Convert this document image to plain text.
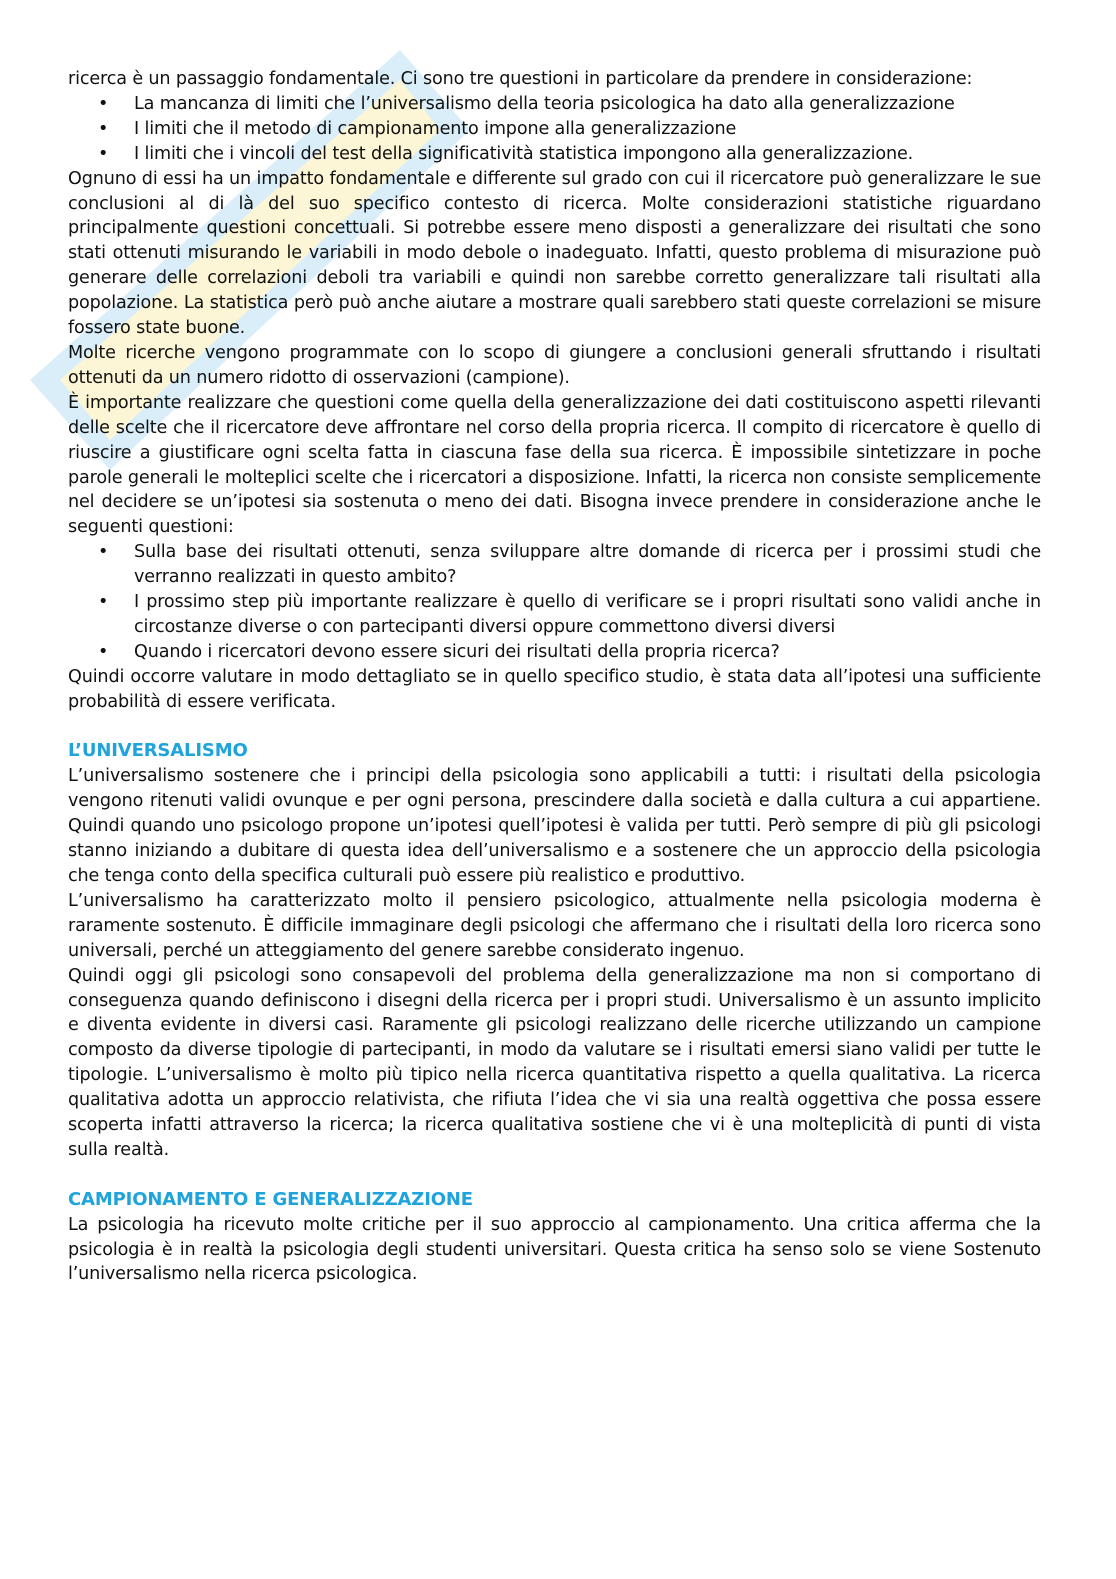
ricerca è un passaggio fondamentale. Ci sono tre questioni in particolare da prendere in considerazione:

• La mancanza di limiti che l’universalismo della teoria psicologica ha dato alla generalizzazione
• I limiti che il metodo di campionamento impone alla generalizzazione
• I limiti che i vincoli del test della significatività statistica impongono alla generalizzazione.

Ognuno di essi ha un impatto fondamentale e differente sul grado con cui il ricercatore può generalizzare le sue conclusioni al di là del suo specifico contesto di ricerca. Molte considerazioni statistiche riguardano principalmente questioni concettuali. Si potrebbe essere meno disposti a generalizzare dei risultati che sono stati ottenuti misurando le variabili in modo debole o inadeguato. Infatti, questo problema di misurazione può generare delle correlazioni deboli tra variabili e quindi non sarebbe corretto generalizzare tali risultati alla popolazione. La statistica però può anche aiutare a mostrare quali sarebbero stati queste correlazioni se misure fossero state buone.

Molte ricerche vengono programmate con lo scopo di giungere a conclusioni generali sfruttando i risultati ottenuti da un numero ridotto di osservazioni (campione).

È importante realizzare che questioni come quella della generalizzazione dei dati costituiscono aspetti rilevanti delle scelte che il ricercatore deve affrontare nel corso della propria ricerca. Il compito di ricercatore è quello di riuscire a giustificare ogni scelta fatta in ciascuna fase della sua ricerca. È impossibile sintetizzare in poche parole generali le molteplici scelte che i ricercatori a disposizione. Infatti, la ricerca non consiste semplicemente nel decidere se un’ipotesi sia sostenuta o meno dei dati. Bisogna invece prendere in considerazione anche le seguenti questioni:

• Sulla base dei risultati ottenuti, senza sviluppare altre domande di ricerca per i prossimi studi che verranno realizzati in questo ambito?
• I prossimo step più importante realizzare è quello di verificare se i propri risultati sono validi anche in circostanze diverse o con partecipanti diversi oppure commettono diversi diversi
• Quando i ricercatori devono essere sicuri dei risultati della propria ricerca?

Quindi occorre valutare in modo dettagliato se in quello specifico studio, è stata data all’ipotesi una sufficiente probabilità di essere verificata.

L’UNIVERSALISMO

L’universalismo sostenere che i principi della psicologia sono applicabili a tutti: i risultati della psicologia vengono ritenuti validi ovunque e per ogni persona, prescindere dalla società e dalla cultura a cui appartiene. Quindi quando uno psicologo propone un’ipotesi quell’ipotesi è valida per tutti. Però sempre di più gli psicologi stanno iniziando a dubitare di questa idea dell’universalismo e a sostenere che un approccio della psicologia che tenga conto della specifica culturali può essere più realistico e produttivo.

L’universalismo ha caratterizzato molto il pensiero psicologico, attualmente nella psicologia moderna è raramente sostenuto. È difficile immaginare degli psicologi che affermano che i risultati della loro ricerca sono universali, perché un atteggiamento del genere sarebbe considerato ingenuo.

Quindi oggi gli psicologi sono consapevoli del problema della generalizzazione ma non si comportano di conseguenza quando definiscono i disegni della ricerca per i propri studi. Universalismo è un assunto implicito e diventa evidente in diversi casi. Raramente gli psicologi realizzano delle ricerche utilizzando un campione composto da diverse tipologie di partecipanti, in modo da valutare se i risultati emersi siano validi per tutte le tipologie. L’universalismo è molto più tipico nella ricerca quantitativa rispetto a quella qualitativa. La ricerca qualitativa adotta un approccio relativista, che rifiuta l’idea che vi sia una realtà oggettiva che possa essere scoperta infatti attraverso la ricerca; la ricerca qualitativa sostiene che vi è una molteplicità di punti di vista sulla realtà.

CAMPIONAMENTO E GENERALIZZAZIONE

La psicologia ha ricevuto molte critiche per il suo approccio al campionamento. Una critica afferma che la psicologia è in realtà la psicologia degli studenti universitari. Questa critica ha senso solo se viene Sostenuto l’universalismo nella ricerca psicologica.
